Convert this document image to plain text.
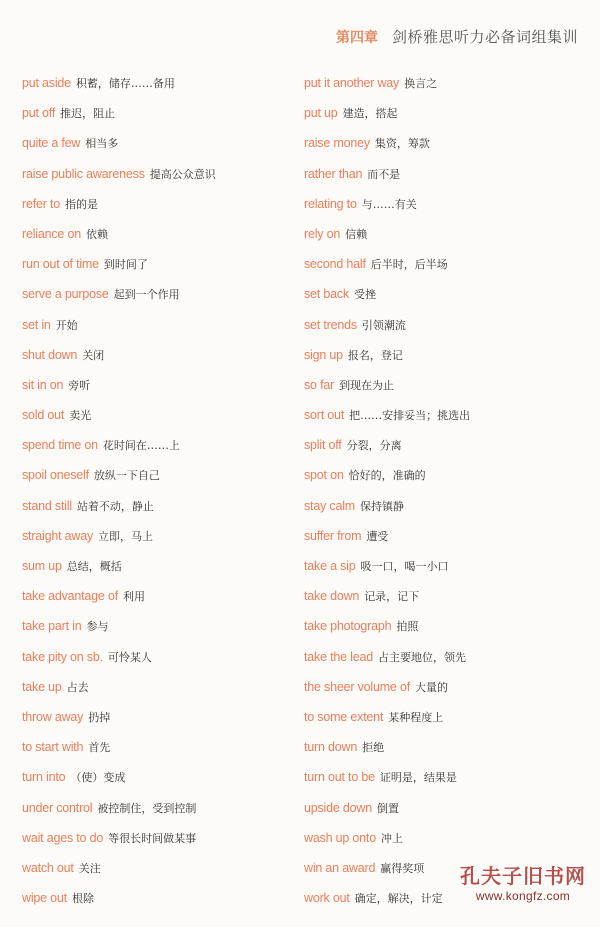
第四章 剑桥雅思听力必备词组集训
put aside 积蓄，储存……备用
put off 推迟，阻止
quite a few 相当多
raise public awareness 提高公众意识
refer to 指的是
reliance on 依赖
run out of time 到时间了
serve a purpose 起到一个作用
set in 开始
shut down 关闭
sit in on 旁听
sold out 卖光
spend time on 花时间在……上
spoil oneself 放纵一下自己
stand still 站着不动，静止
straight away 立即，马上
sum up 总结，概括
take advantage of 利用
take part in 参与
take pity on sb. 可怜某人
take up 占去
throw away 扔掉
to start with 首先
turn into （使）变成
under control 被控制住，受到控制
wait ages to do 等很长时间做某事
watch out 关注
wipe out 根除
put it another way 换言之
put up 建造，搭起
raise money 集资，筹款
rather than 而不是
relating to 与……有关
rely on 信赖
second half 后半时，后半场
set back 受挫
set trends 引领潮流
sign up 报名，登记
so far 到现在为止
sort out 把……安排妥当；挑选出
split off 分裂，分离
spot on 恰好的，准确的
stay calm 保持镇静
suffer from 遭受
take a sip 吸一口，喝一小口
take down 记录，记下
take photograph 拍照
take the lead 占主要地位，领先
the sheer volume of 大量的
to some extent 某种程度上
turn down 拒绝
turn out to be 证明是，结果是
upside down 倒置
wash up onto 冲上
win an award 赢得奖项
work out 确定，解决，计定
孔夫子旧书网
www.kongfz.com
